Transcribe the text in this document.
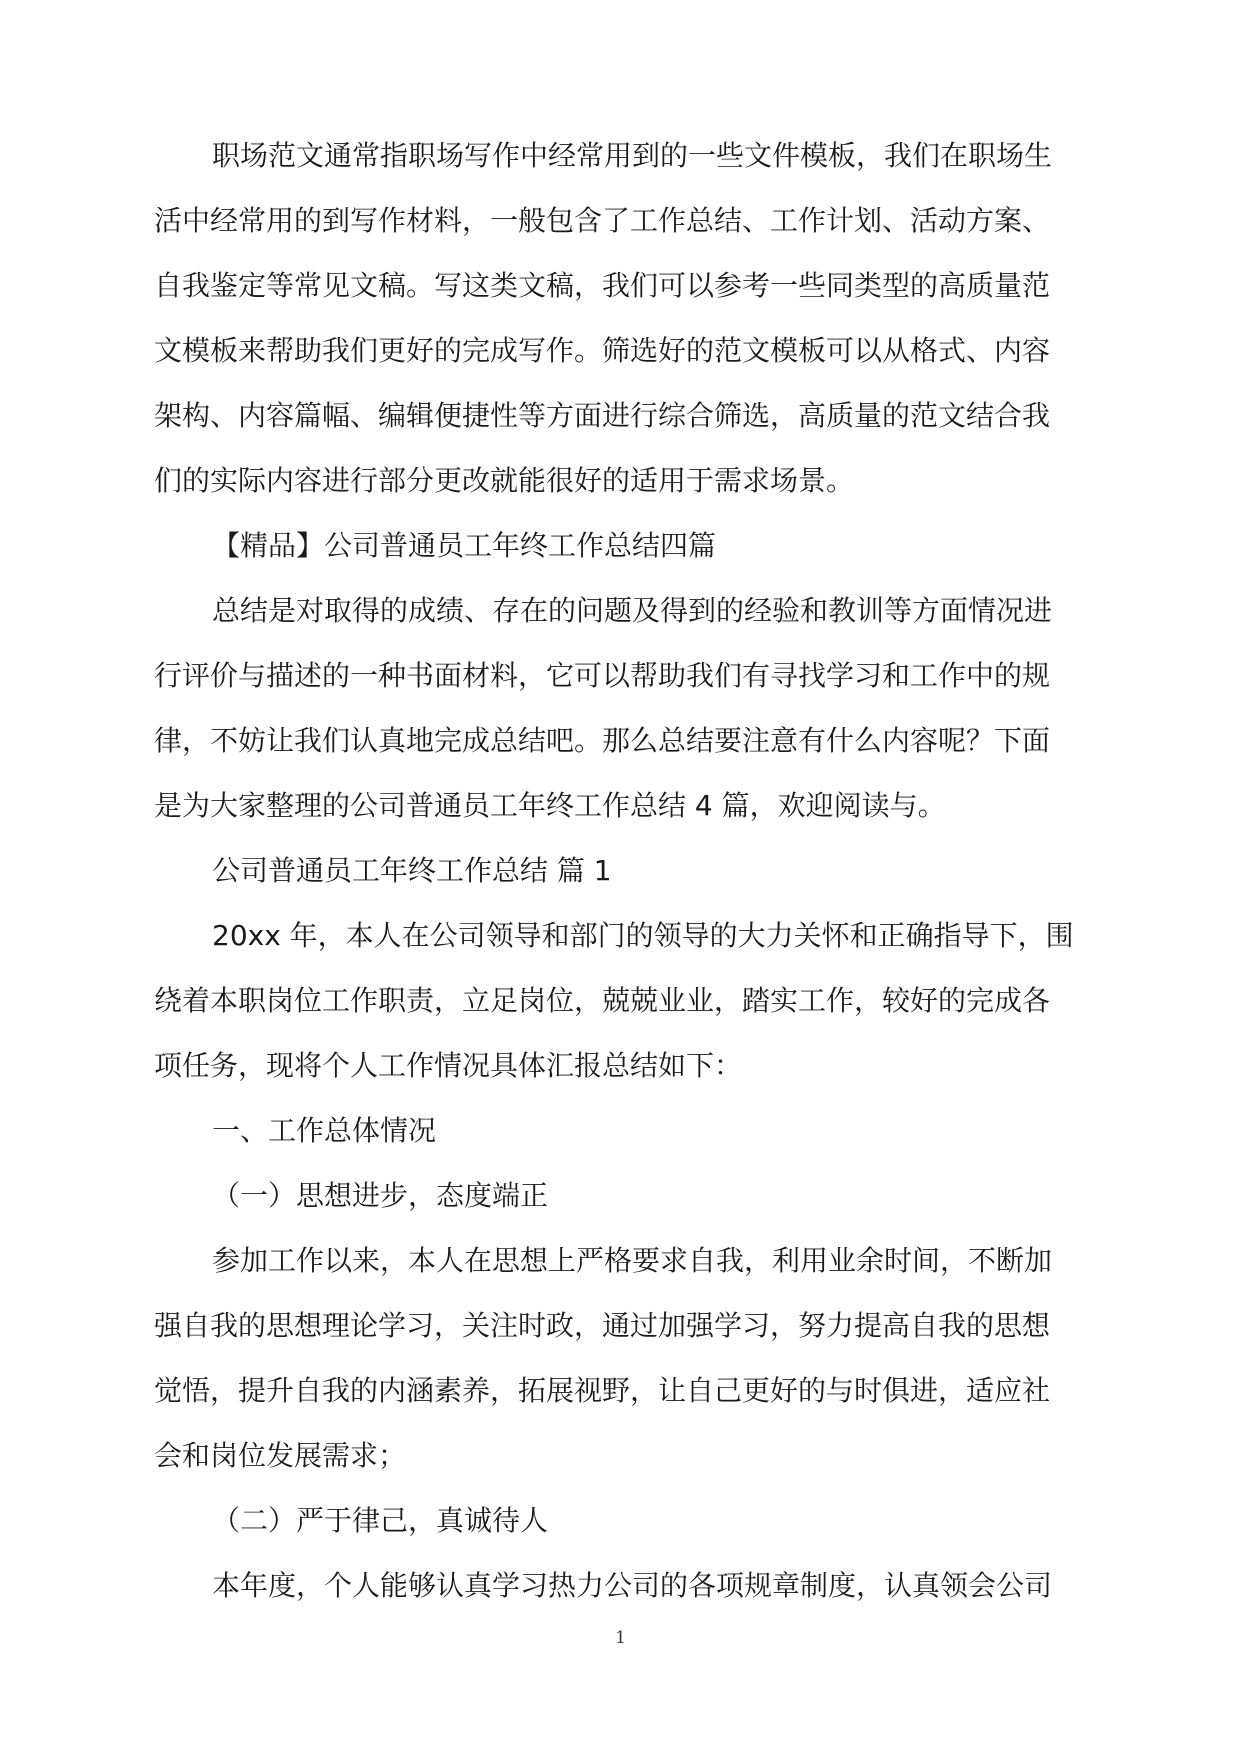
职场范文通常指职场写作中经常用到的一些文件模板，我们在职场生
活中经常用的到写作材料，一般包含了工作总结、工作计划、活动方案、
自我鉴定等常见文稿。写这类文稿，我们可以参考一些同类型的高质量范
文模板来帮助我们更好的完成写作。筛选好的范文模板可以从格式、内容
架构、内容篇幅、编辑便捷性等方面进行综合筛选，高质量的范文结合我
们的实际内容进行部分更改就能很好的适用于需求场景。
【精品】公司普通员工年终工作总结四篇
总结是对取得的成绩、存在的问题及得到的经验和教训等方面情况进
行评价与描述的一种书面材料，它可以帮助我们有寻找学习和工作中的规
律，不妨让我们认真地完成总结吧。那么总结要注意有什么内容呢？下面
是为大家整理的公司普通员工年终工作总结 4 篇，欢迎阅读与。
公司普通员工年终工作总结 篇 1
20xx 年，本人在公司领导和部门的领导的大力关怀和正确指导下，围
绕着本职岗位工作职责，立足岗位，兢兢业业，踏实工作，较好的完成各
项任务，现将个人工作情况具体汇报总结如下：
一、工作总体情况
（一）思想进步，态度端正
参加工作以来，本人在思想上严格要求自我，利用业余时间，不断加
强自我的思想理论学习，关注时政，通过加强学习，努力提高自我的思想
觉悟，提升自我的内涵素养，拓展视野，让自己更好的与时俱进，适应社
会和岗位发展需求；
（二）严于律己，真诚待人
本年度，个人能够认真学习热力公司的各项规章制度，认真领会公司
1
